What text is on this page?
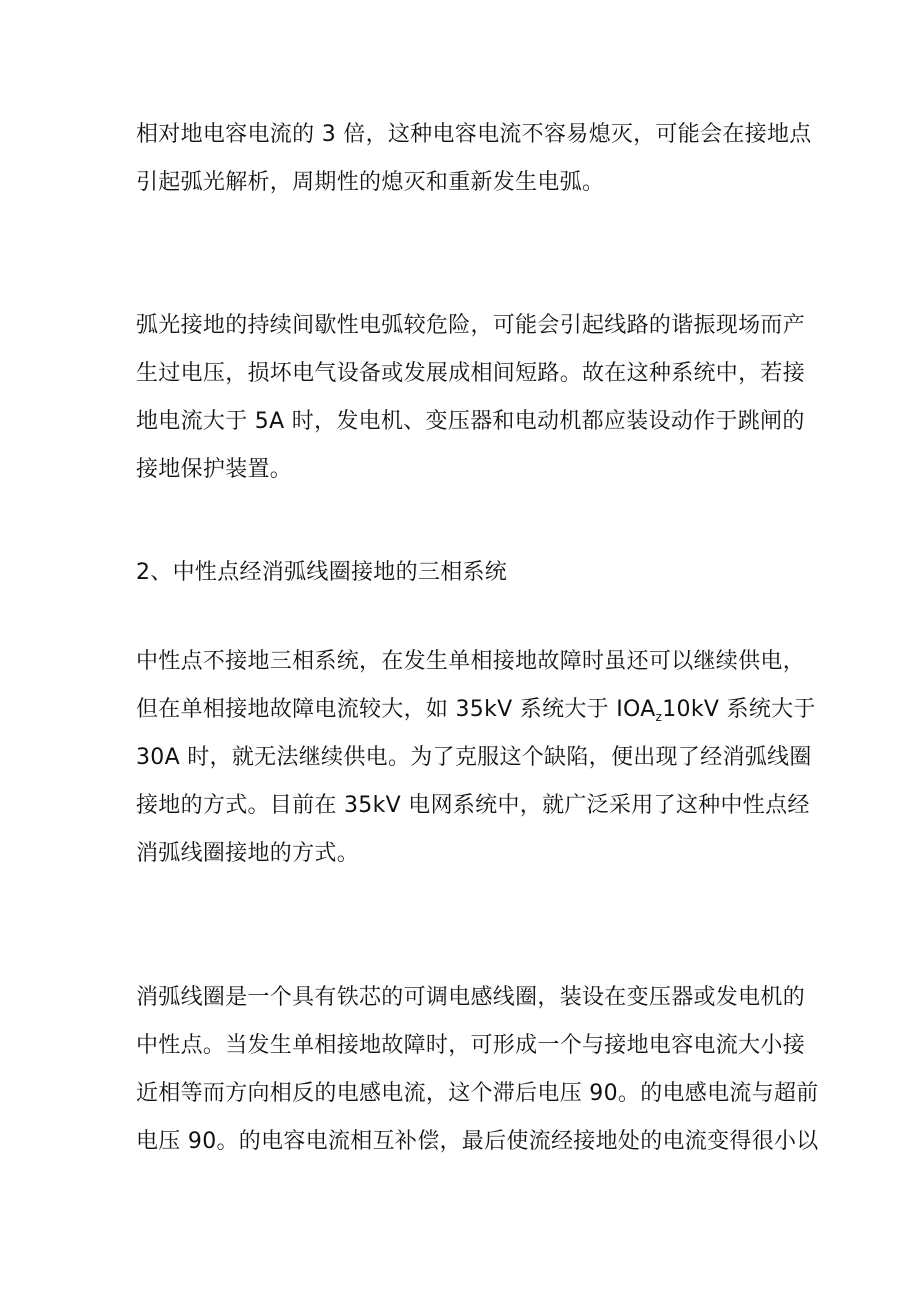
相对地电容电流的 3 倍，这种电容电流不容易熄灭，可能会在接地点
引起弧光解析，周期性的熄灭和重新发生电弧。
弧光接地的持续间歇性电弧较危险，可能会引起线路的谐振现场而产
生过电压，损坏电气设备或发展成相间短路。故在这种系统中，若接
地电流大于 5A 时，发电机、变压器和电动机都应装设动作于跳闸的
接地保护装置。
2、中性点经消弧线圈接地的三相系统
中性点不接地三相系统，在发生单相接地故障时虽还可以继续供电，
但在单相接地故障电流较大，如 35kV 系统大于 $IOA_z10kV$ 系统大于
30A 时，就无法继续供电。为了克服这个缺陷，便出现了经消弧线圈
接地的方式。目前在 35kV 电网系统中，就广泛采用了这种中性点经
消弧线圈接地的方式。
消弧线圈是一个具有铁芯的可调电感线圈，装设在变压器或发电机的
中性点。当发生单相接地故障时，可形成一个与接地电容电流大小接
近相等而方向相反的电感电流，这个滞后电压 90。的电感电流与超前
电压 90。的电容电流相互补偿，最后使流经接地处的电流变得很小以
